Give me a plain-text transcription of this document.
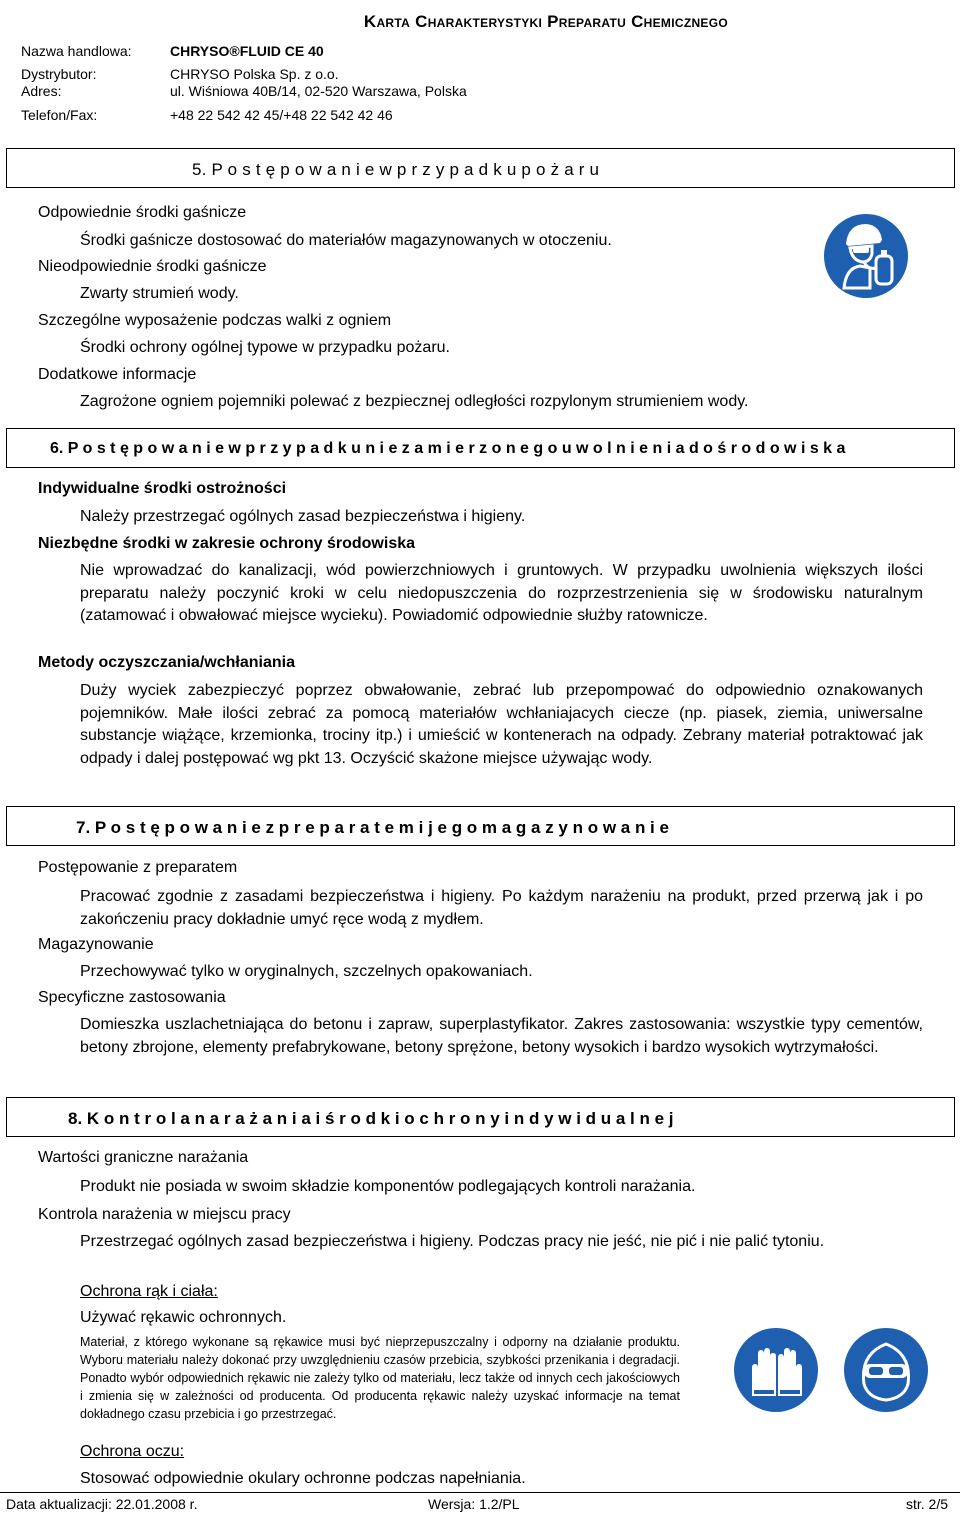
Karta Charakterystyki Preparatu Chemicznego
Nazwa handlowa:	CHRYSO®FLUID CE 40
Dystrybutor:	CHRYSO Polska Sp. z o.o.
Adres:	ul. Wiśniowa 40B/14, 02-520 Warszawa, Polska
Telefon/Fax:	+48 22 542 42 45/+48 22 542 42 46
5. P o s t ę p o w a n i e w p r z y p a d k u p o ż a r u
Odpowiednie środki gaśnicze
Środki gaśnicze dostosować do materiałów magazynowanych w otoczeniu.
Nieodpowiednie środki gaśnicze
Zwarty strumień wody.
Szczególne wyposażenie podczas walki z ogniem
Środki ochrony ogólnej typowe w przypadku pożaru.
Dodatkowe informacje
Zagrożone ogniem pojemniki polewać z bezpiecznej odległości rozpylonym strumieniem wody.
6. P o s t ę p o w a n i e w p r z y p a d k u n i e z a m i e r z o n e g o u w o l n i e n i a d o ś r o d o w i s k a
Indywidualne środki ostrożności
Należy przestrzegać ogólnych zasad bezpieczeństwa i higieny.
Niezbędne środki w zakresie ochrony środowiska
Nie wprowadzać do kanalizacji, wód powierzchniowych i gruntowych. W przypadku uwolnienia większych ilości preparatu należy poczynić kroki w celu niedopuszczenia do rozprzestrzenienia się w środowisku naturalnym (zatamować i obwałować miejsce wycieku). Powiadomić odpowiednie służby ratownicze.
Metody oczyszczania/wchłaniania
Duży wyciek zabezpieczyć poprzez obwałowanie, zebrać lub przepompować do odpowiednio oznakowanych pojemników. Małe ilości zebrać za pomocą materiałów wchłaniajacych ciecze (np. piasek, ziemia, uniwersalne substancje wiążące, krzemionka, trociny itp.) i umieścić w kontenerach na odpady. Zebrany materiał potraktować jak odpady i dalej postępować wg pkt 13. Oczyścić skażone miejsce używając wody.
7. P o s t ę p o w a n i e z p r e p a r a t e m i j e g o m a g a z y n o w a n i e
Postępowanie z preparatem
Pracować zgodnie z zasadami bezpieczeństwa i higieny. Po każdym narażeniu na produkt, przed przerwą jak i po zakończeniu pracy dokładnie umyć ręce wodą z mydłem.
Magazynowanie
Przechowywać tylko w oryginalnych, szczelnych opakowaniach.
Specyficzne zastosowania
Domieszka uszlachetniająca do betonu i zapraw, superplastyfikator. Zakres zastosowania: wszystkie typy cementów, betony zbrojone, elementy prefabrykowane, betony sprężone, betony wysokich i bardzo wysokich wytrzymałości.
8. K o n t r o l a n a r a ż a n i a i ś r o d k i o c h r o n y i n d y w i d u a l n e j
Wartości graniczne narażania
Produkt nie posiada w swoim składzie komponentów podlegających kontroli narażania.
Kontrola narażenia w miejscu pracy
Przestrzegać ogólnych zasad bezpieczeństwa i higieny. Podczas pracy nie jeść, nie pić i nie palić tytoniu.
Ochrona rąk i ciała:
Używać rękawic ochronnych.
Materiał, z którego wykonane są rękawice musi być nieprzepuszczalny i odporny na działanie produktu. Wyboru materiału należy dokonać przy uwzględnieniu czasów przebicia, szybkości przenikania i degradacji. Ponadto wybór odpowiednich rękawic nie zależy tylko od materiału, lecz także od innych cech jakościowych i zmienia się w zależności od producenta. Od producenta rękawic należy uzyskać informacje na temat dokładnego czasu przebicia i go przestrzegać.
Ochrona oczu:
Stosować odpowiednie okulary ochronne podczas napełniania.
Data aktualizacji: 22.01.2008 r.	Wersja: 1.2/PL	str. 2/5
